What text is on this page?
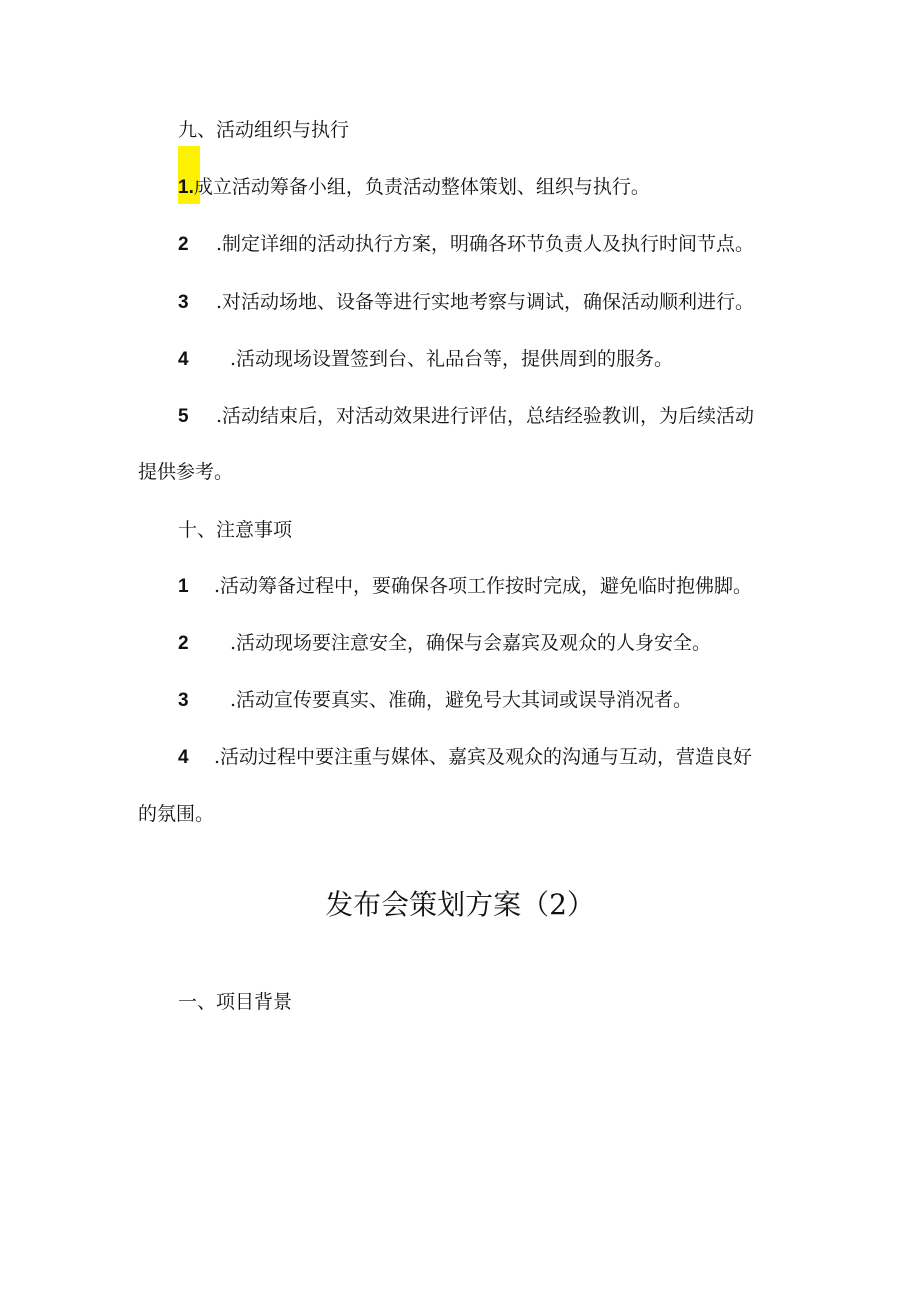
九、活动组织与执行
1.成立活动筹备小组，负责活动整体策划、组织与执行。
2 .制定详细的活动执行方案，明确各环节负责人及执行时间节点。
3 .对活动场地、设备等进行实地考察与调试，确保活动顺利进行。
4 .活动现场设置签到台、礼品台等，提供周到的服务。
5 .活动结束后，对活动效果进行评估，总结经验教训，为后续活动
提供参考。
十、注意事项
1 .活动筹备过程中，要确保各项工作按时完成，避免临时抱佛脚。
2 .活动现场要注意安全，确保与会嘉宾及观众的人身安全。
3 .活动宣传要真实、准确，避免号大其词或误导消况者。
4 .活动过程中要注重与媒体、嘉宾及观众的沟通与互动，营造良好
的氛围。
发布会策划方案（2）
一、项目背景
